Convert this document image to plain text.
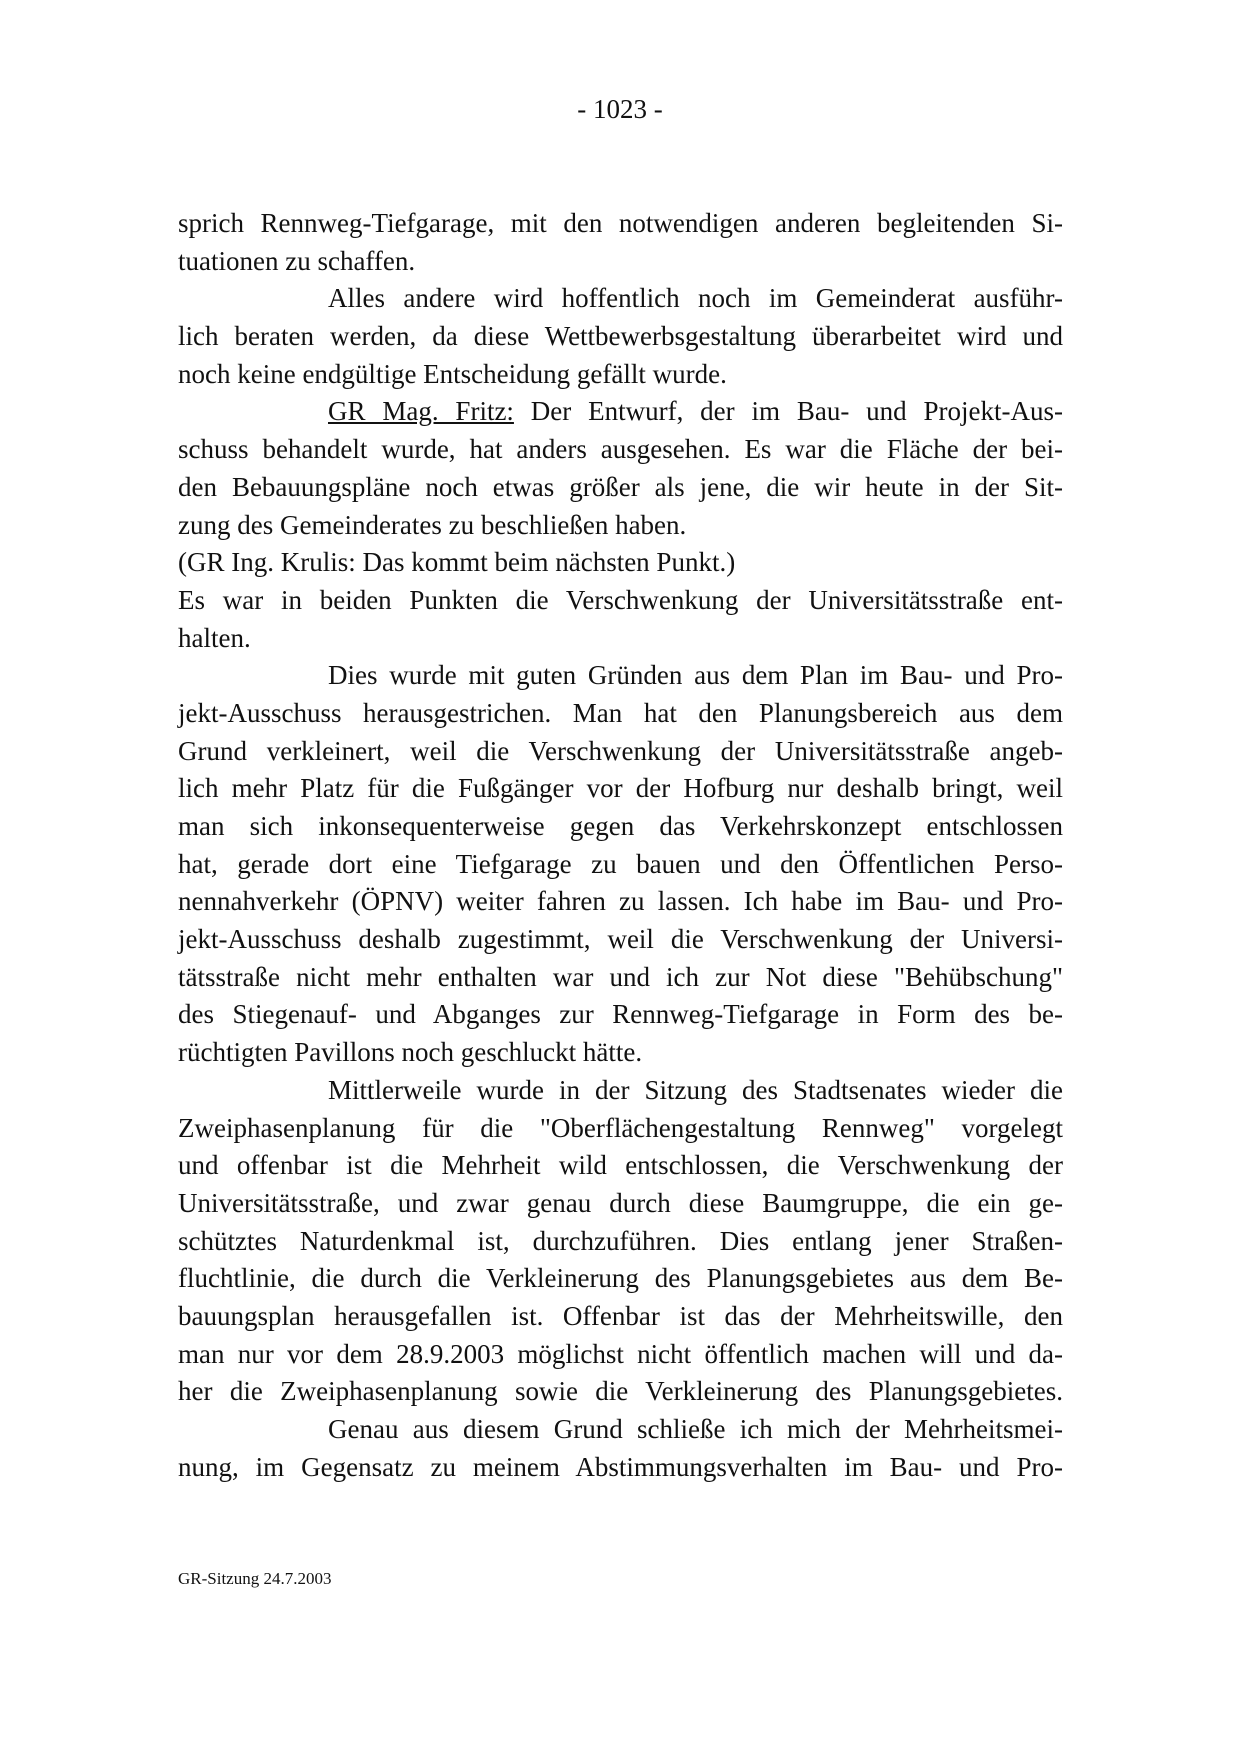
- 1023 -
sprich Rennweg-Tiefgarage, mit den notwendigen anderen begleitenden Si-
tuationen zu schaffen.
Alles andere wird hoffentlich noch im Gemeinderat ausführ-
lich beraten werden, da diese Wettbewerbsgestaltung überarbeitet wird und
noch keine endgültige Entscheidung gefällt wurde.
GR Mag. Fritz: Der Entwurf, der im Bau- und Projekt-Aus-
schuss behandelt wurde, hat anders ausgesehen. Es war die Fläche der bei-
den Bebauungspläne noch etwas größer als jene, die wir heute in der Sit-
zung des Gemeinderates zu beschließen haben.
(GR Ing. Krulis: Das kommt beim nächsten Punkt.)
Es war in beiden Punkten die Verschwenkung der Universitätsstraße ent-
halten.
Dies wurde mit guten Gründen aus dem Plan im Bau- und Pro-
jekt-Ausschuss herausgestrichen. Man hat den Planungsbereich aus dem
Grund verkleinert, weil die Verschwenkung der Universitätsstraße angeb-
lich mehr Platz für die Fußgänger vor der Hofburg nur deshalb bringt, weil
man sich inkonsequenterweise gegen das Verkehrskonzept entschlossen
hat, gerade dort eine Tiefgarage zu bauen und den Öffentlichen Perso-
nennahverkehr (ÖPNV) weiter fahren zu lassen. Ich habe im Bau- und Pro-
jekt-Ausschuss deshalb zugestimmt, weil die Verschwenkung der Universi-
tätsstraße nicht mehr enthalten war und ich zur Not diese "Behübschung"
des Stiegenauf- und Abganges zur Rennweg-Tiefgarage in Form des be-
rüchtigten Pavillons noch geschluckt hätte.
Mittlerweile wurde in der Sitzung des Stadtsenates wieder die
Zweiphasenplanung für die "Oberflächengestaltung Rennweg" vorgelegt
und offenbar ist die Mehrheit wild entschlossen, die Verschwenkung der
Universitätsstraße, und zwar genau durch diese Baumgruppe, die ein ge-
schütztes Naturdenkmal ist, durchzuführen. Dies entlang jener Straßen-
fluchtlinie, die durch die Verkleinerung des Planungsgebietes aus dem Be-
bauungsplan herausgefallen ist. Offenbar ist das der Mehrheitswille, den
man nur vor dem 28.9.2003 möglichst nicht öffentlich machen will und da-
her die Zweiphasenplanung sowie die Verkleinerung des Planungsgebietes.
Genau aus diesem Grund schließe ich mich der Mehrheitsmei-
nung, im Gegensatz zu meinem Abstimmungsverhalten im Bau- und Pro-
GR-Sitzung 24.7.2003
